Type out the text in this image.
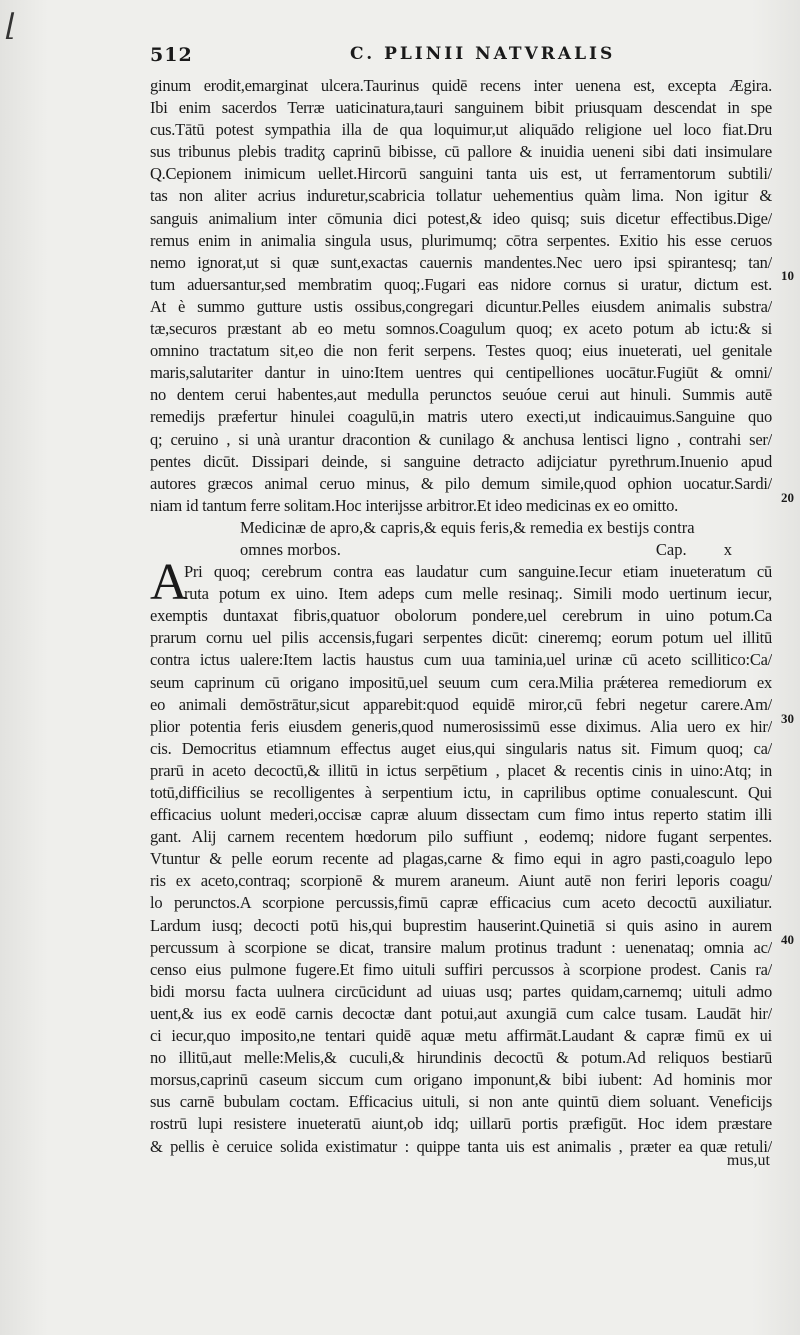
⌊
512	C. PLINII NATVRALIS
ginum erodit,emarginat ulcera.Taurinus quidē recens inter uenena est, excepta Ægira.
Ibi enim sacerdos Terræ uaticinatura,tauri sanguinem bibit priusquam descendat in spe
cus.Tātū potest sympathia illa de qua loquimur,ut aliquādo religione uel loco fiat.Dru
sus tribunus plebis traditᵹ caprinū bibisse, cū pallore & inuidia ueneni sibi dati insimulare
Q.Cepionem inimicum uellet.Hircorū sanguini tanta uis est, ut ferramentorum subtili/
tas non aliter acrius induretur,scabricia tollatur uehementius quàm lima. Non igitur &
sanguis animalium inter cōmunia dici potest,& ideo quisq; suis dicetur effectibus.Dige/
remus enim in animalia singula usus, plurimumq; cōtra serpentes. Exitio his esse ceruos
nemo ignorat,ut si quæ sunt,exactas cauernis mandentes.Nec uero ipsi spirantesq; tan/
tum aduersantur,sed membratim quoq;.Fugari eas nidore cornus si uratur, dictum est.
At è summo gutture ustis ossibus,congregari dicuntur.Pelles eiusdem animalis substra/
tæ,securos præstant ab eo metu somnos.Coagulum quoq; ex aceto potum ab ictu:& si
omnino tractatum sit,eo die non ferit serpens. Testes quoq; eius inueterati, uel genitale
maris,salutariter dantur in uino:Item uentres qui centipelliones uocātur.Fugiūt & omni/
no dentem cerui habentes,aut medulla perunctos seuóue cerui aut hinuli. Summis autē
remedijs præfertur hinulei coagulū,in matris utero execti,ut indicauimus.Sanguine quo
q; ceruino , si unà urantur dracontion & cunilago & anchusa lentisci ligno , contrahi ser/
pentes dicūt. Dissipari deinde, si sanguine detracto adijciatur pyrethrum.Inuenio apud
autores græcos animal ceruo minus, & pilo demum simile,quod ophion uocatur.Sardi/
niam id tantum ferre solitam.Hoc interijsse arbitror.Et ideo medicinas ex eo omitto.
Medicinæ de apro,& capris,& equis feris,& remedia ex bestijs contra
omnes morbos.	Cap. x
A
Pri quoq; cerebrum contra eas laudatur cum sanguine.Iecur etiam inueteratum cū
ruta potum ex uino. Item adeps cum melle resinaq;. Simili modo uertinum iecur,
exemptis duntaxat fibris,quatuor obolorum pondere,uel cerebrum in uino potum.Ca
prarum cornu uel pilis accensis,fugari serpentes dicūt: cineremq; eorum potum uel illitū
contra ictus ualere:Item lactis haustus cum uua taminia,uel urinæ cū aceto scillitico:Ca/
seum caprinum cū origano impositū,uel seuum cum cera.Milia prǽterea remediorum ex
eo animali demōstrātur,sicut apparebit:quod equidē miror,cū febri negetur carere.Am/
plior potentia feris eiusdem generis,quod numerosissimū esse diximus. Alia uero ex hir/
cis. Democritus etiamnum effectus auget eius,qui singularis natus sit. Fimum quoq; ca/
prarū in aceto decoctū,& illitū in ictus serpētium , placet & recentis cinis in uino:Atq; in
totū,difficilius se recolligentes à serpentium ictu, in caprilibus optime conualescunt. Qui
efficacius uolunt mederi,occisæ capræ aluum dissectam cum fimo intus reperto statim illi
gant. Alij carnem recentem hœdorum pilo suffiunt , eodemq; nidore fugant serpentes.
Vtuntur & pelle eorum recente ad plagas,carne & fimo equi in agro pasti,coagulo lepo
ris ex aceto,contraq; scorpionē & murem araneum. Aiunt autē non feriri leporis coagu/
lo perunctos.A scorpione percussis,fimū capræ efficacius cum aceto decoctū auxiliatur.
Lardum iusq; decocti potū his,qui buprestim hauserint.Quinetiā si quis asino in aurem
percussum à scorpione se dicat, transire malum protinus tradunt : uenenataq; omnia ac/
censo eius pulmone fugere.Et fimo uituli suffiri percussos à scorpione prodest. Canis ra/
bidi morsu facta uulnera circūcidunt ad uiuas usq; partes quidam,carnemq; uituli admo
uent,& ius ex eodē carnis decoctæ dant potui,aut axungiā cum calce tusam. Laudāt hir/
ci iecur,quo imposito,ne tentari quidē aquæ metu affirmāt.Laudant & capræ fimū ex ui
no illitū,aut melle:Melis,& cuculi,& hirundinis decoctū & potum.Ad reliquos bestiarū
morsus,caprinū caseum siccum cum origano imponunt,& bibi iubent: Ad hominis mor
sus carnē bubulam coctam. Efficacius uituli, si non ante quintū diem soluant. Veneficijs
rostrū lupi resistere inueteratū aiunt,ob idq; uillarū portis præfigūt. Hoc idem præstare
& pellis è ceruice solida existimatur : quippe tanta uis est animalis , præter ea quæ retuli/
10
20
30
40
mus,ut
